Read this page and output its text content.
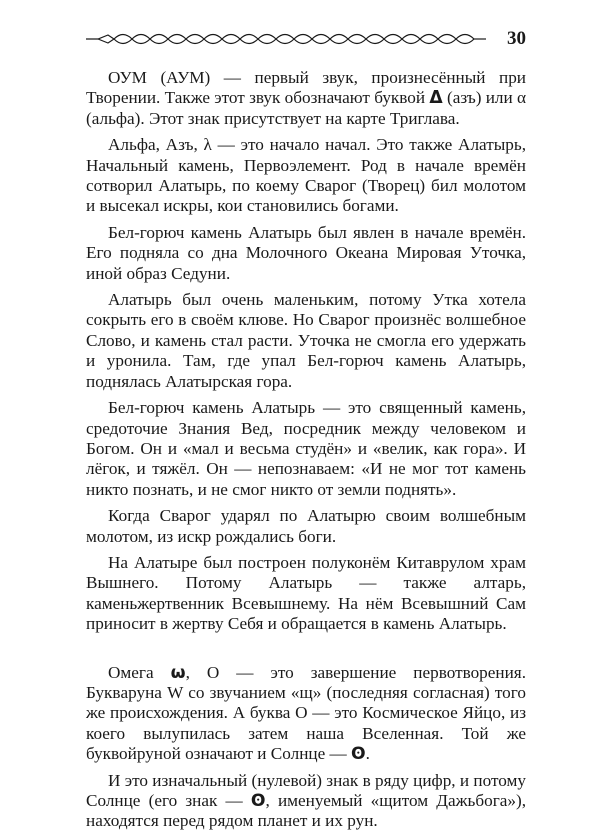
30

ОУМ (АУМ) — первый звук, произнесённый при Творении. Также этот звук обозначают буквой ᐃ (азъ) или α (альфа). Этот знак присутствует на карте Триглава.

Альфа, Азъ, λ — это начало начал. Это также Алатырь, Начальный камень, Первоэлемент. Род в начале времён сотворил Алатырь, по коему Сварог (Творец) бил молотом и высекал искры, кои становились богами.

Бел-горюч камень Алатырь был явлен в начале времён. Его подняла со дна Молочного Океана Мировая Уточка, иной образ Седуни.

Алатырь был очень маленьким, потому Утка хотела сокрыть его в своём клюве. Но Сварог произнёс волшебное Слово, и камень стал расти. Уточка не смогла его удержать и уронила. Там, где упал Бел-горюч камень Алатырь, поднялась Алатырская гора.

Бел-горюч камень Алатырь — это священный камень, средоточие Знания Вед, посредник между человеком и Богом. Он и «мал и весьма студён» и «велик, как гора». И лёгок, и тяжёл. Он — непознаваем: «И не мог тот камень никто познать, и не смог никто от земли поднять».

Когда Сварог ударял по Алатырю своим волшебным молотом, из искр рождались боги.

На Алатыре был построен полуконём Китаврулом храм Вышнего. Потому Алатырь — также алтарь, каменьжертвенник Всевышнему. На нём Всевышний Сам приносит в жертву Себя и обращается в камень Алатырь.

Омега ω, О — это завершение первотворения. Буквaруна W со звучанием «щ» (последняя согласная) того же происхождения. А буква О — это Космическое Яйцо, из коего вылупилась затем наша Вселенная. Той же буквойруной означают и Солнце — ʘ.

И это изначальный (нулевой) знак в ряду цифр, и потому Солнце (его знак — ʘ, именуемый «щитом Дажьбога»), находятся перед рядом планет и их рун.
